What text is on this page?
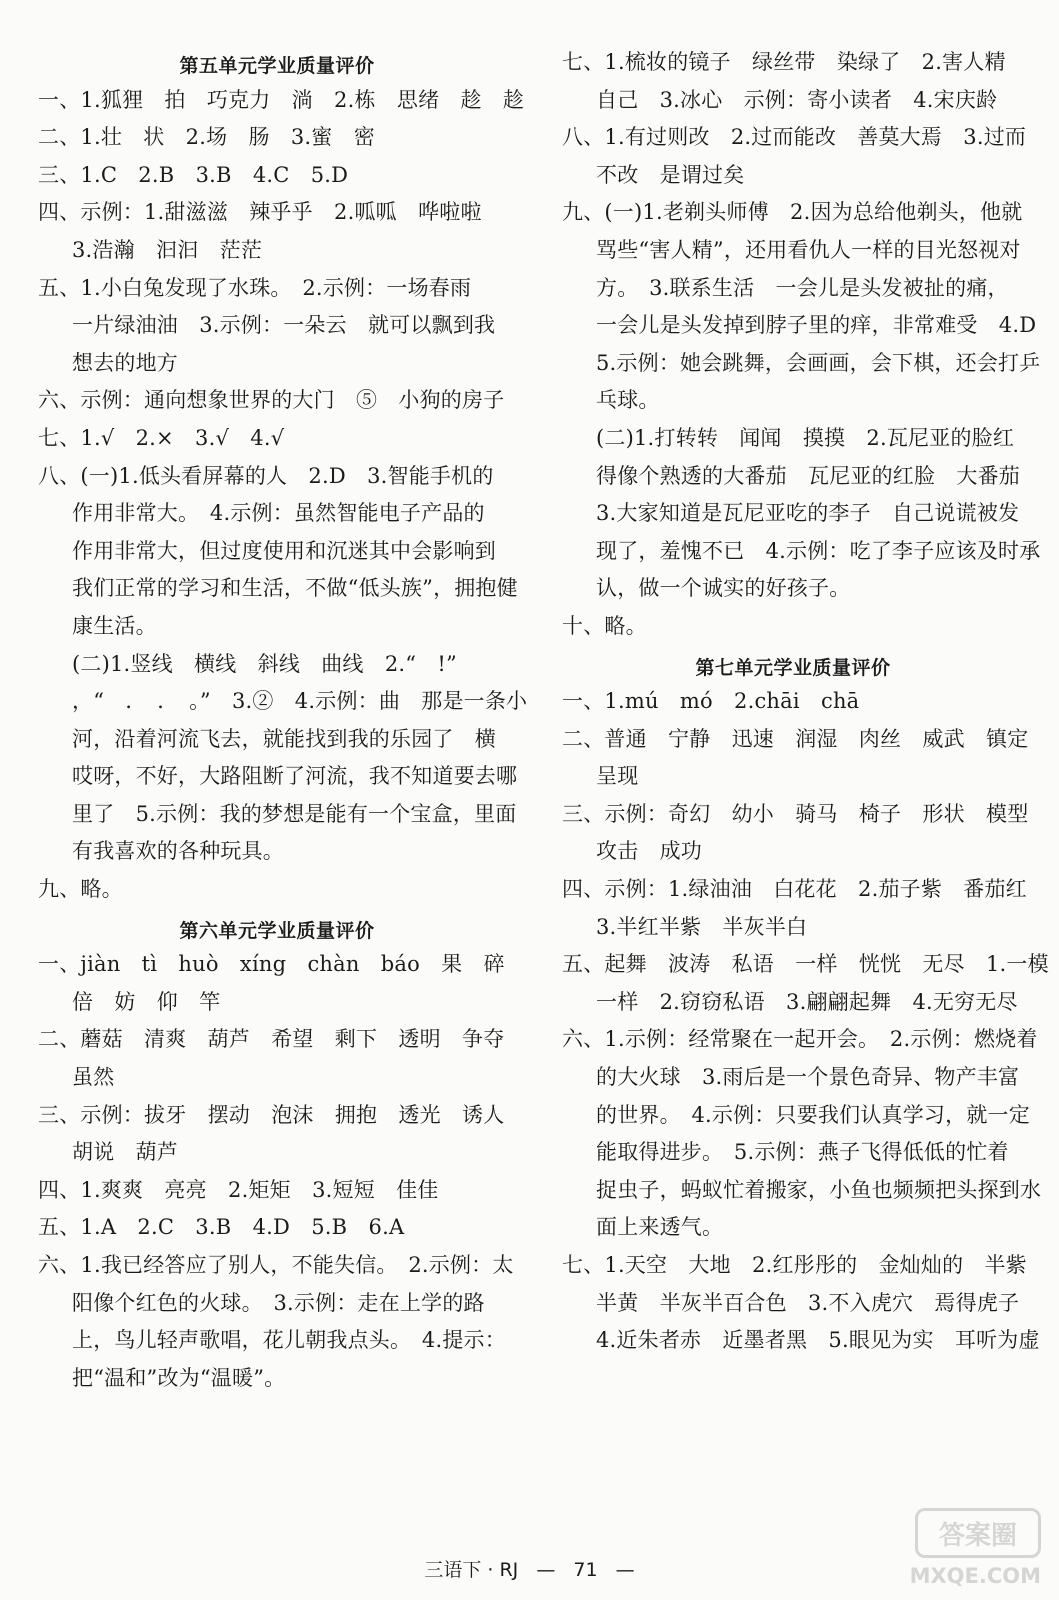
第五单元学业质量评价
一、1.狐狸　拍　巧克力　淌　2.栋　思绪　趁　趁
二、1.壮　状　2.场　肠　3.蜜　密
三、1.C　2.B　3.B　4.C　5.D
四、示例：1.甜滋滋　辣乎乎　2.呱呱　哗啦啦
3.浩瀚　汩汩　茫茫
五、1.小白兔发现了水珠。　2.示例：一场春雨
一片绿油油　3.示例：一朵云　就可以飘到我
想去的地方
六、示例：通向想象世界的大门　⑤　小狗的房子
七、1.√　2.×　3.√　4.√
八、(一)1.低头看屏幕的人　2.D　3.智能手机的
作用非常大。　4.示例：虽然智能电子产品的
作用非常大，但过度使用和沉迷其中会影响到
我们正常的学习和生活，不做“低头族”，拥抱健
康生活。
(二)1.竖线　横线　斜线　曲线　2.“　!”
，“　．　．　。”　3.②　4.示例：曲　那是一条小
河，沿着河流飞去，就能找到我的乐园了　横
哎呀，不好，大路阻断了河流，我不知道要去哪
里了　5.示例：我的梦想是能有一个宝盒，里面
有我喜欢的各种玩具。
九、略。
第六单元学业质量评价
一、jiàn　tì　huò　xíng　chàn　báo　果　碎
倍　妨　仰　竿
二、蘑菇　清爽　葫芦　希望　剩下　透明　争夺
虽然
三、示例：拔牙　摆动　泡沫　拥抱　透光　诱人
胡说　葫芦
四、1.爽爽　亮亮　2.矩矩　3.短短　佳佳
五、1.A　2.C　3.B　4.D　5.B　6.A
六、1.我已经答应了别人，不能失信。　2.示例：太
阳像个红色的火球。　3.示例：走在上学的路
上，鸟儿轻声歌唱，花儿朝我点头。　4.提示：
把“温和”改为“温暖”。
七、1.梳妆的镜子　绿丝带　染绿了　2.害人精
自己　3.冰心　示例：寄小读者　4.宋庆龄
八、1.有过则改　2.过而能改　善莫大焉　3.过而
不改　是谓过矣
九、(一)1.老剃头师傅　2.因为总给他剃头，他就
骂些“害人精”，还用看仇人一样的目光怒视对
方。　3.联系生活　一会儿是头发被扯的痛，
一会儿是头发掉到脖子里的痒，非常难受　4.D
5.示例：她会跳舞，会画画，会下棋，还会打乒
乓球。
(二)1.打转转　闻闻　摸摸　2.瓦尼亚的脸红
得像个熟透的大番茄　瓦尼亚的红脸　大番茄
3.大家知道是瓦尼亚吃的李子　自己说谎被发
现了，羞愧不已　4.示例：吃了李子应该及时承
认，做一个诚实的好孩子。
十、略。
第七单元学业质量评价
一、1.mú　mó　2.chāi　chā
二、普通　宁静　迅速　润湿　肉丝　威武　镇定
呈现
三、示例：奇幻　幼小　骑马　椅子　形状　模型
攻击　成功
四、示例：1.绿油油　白花花　2.茄子紫　番茄红
3.半红半紫　半灰半白
五、起舞　波涛　私语　一样　恍恍　无尽　1.一模
一样　2.窃窃私语　3.翩翩起舞　4.无穷无尽
六、1.示例：经常聚在一起开会。　2.示例：燃烧着
的大火球　3.雨后是一个景色奇异、物产丰富
的世界。　4.示例：只要我们认真学习，就一定
能取得进步。　5.示例：燕子飞得低低的忙着
捉虫子，蚂蚁忙着搬家，小鱼也频频把头探到水
面上来透气。
七、1.天空　大地　2.红彤彤的　金灿灿的　半紫
半黄　半灰半百合色　3.不入虎穴　焉得虎子
4.近朱者赤　近墨者黑　5.眼见为实　耳听为虚
三语下 · RJ — 71 —
答案圈
MXQE.COM
